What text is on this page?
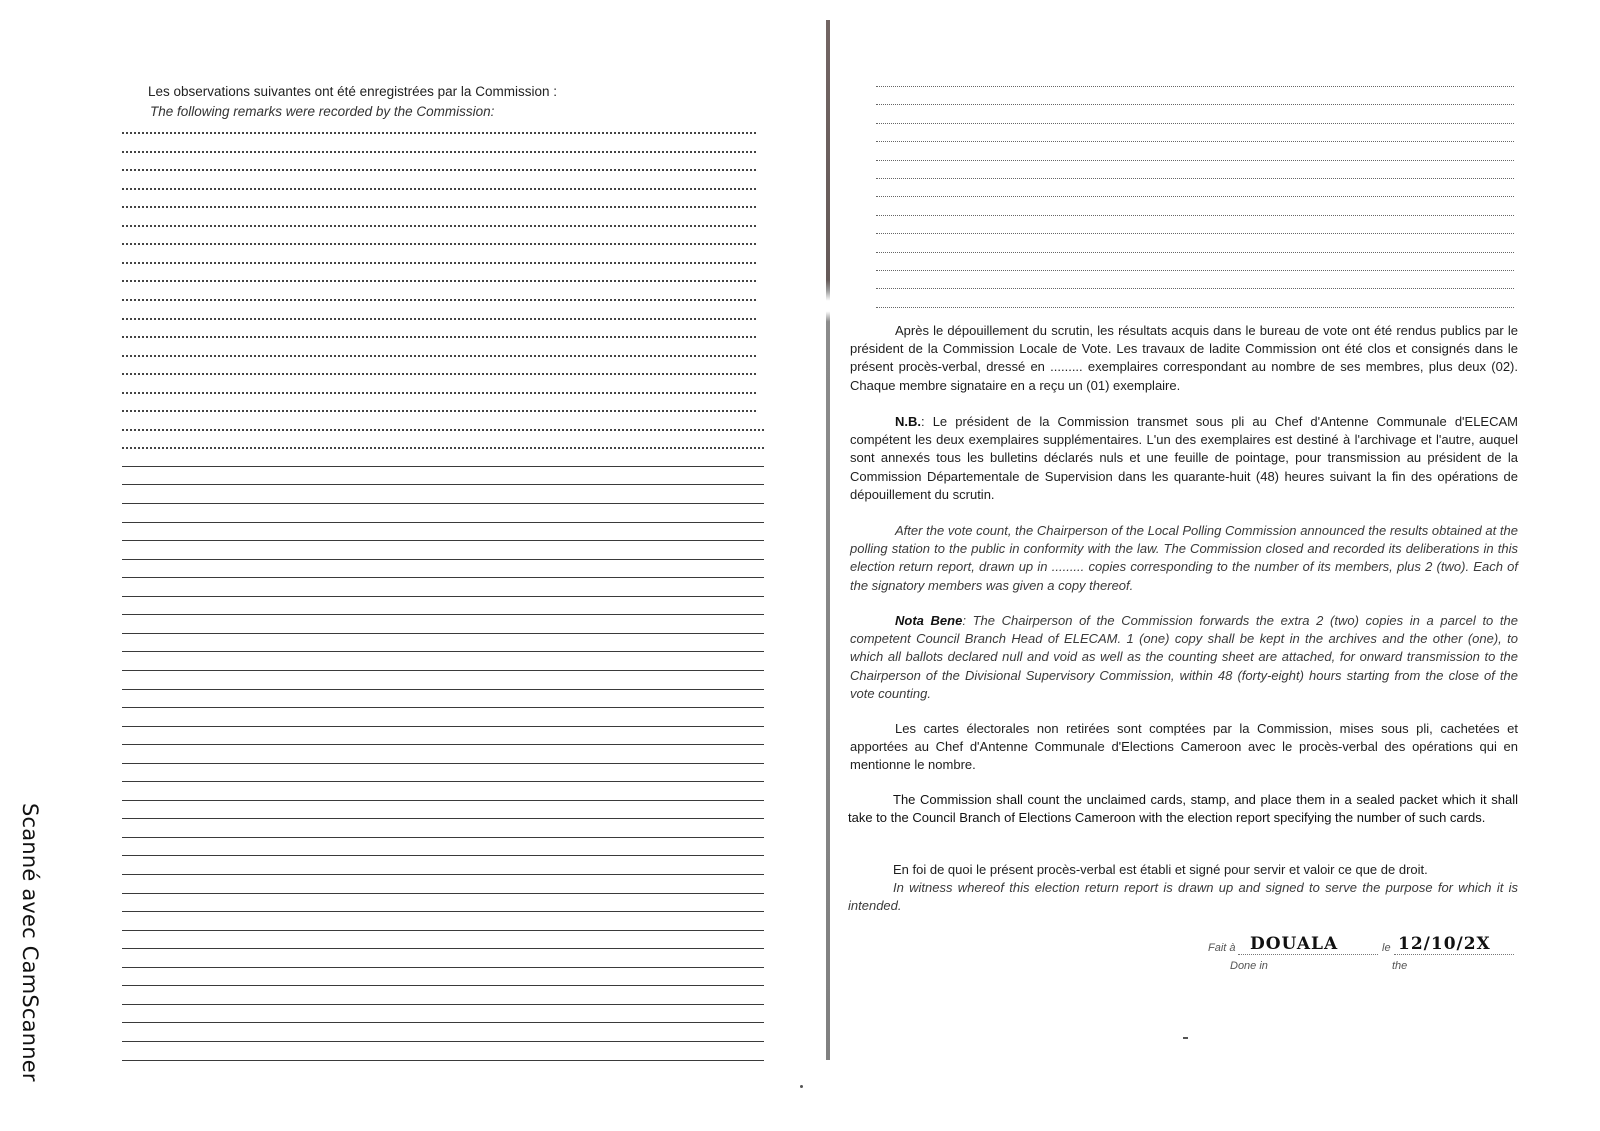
Scanné avec CamScanner
Les observations suivantes ont été enregistrées par la Commission :
The following remarks were recorded by the Commission:
Après le dépouillement du scrutin, les résultats acquis dans le bureau de vote ont été rendus publics par le président de la Commission Locale de Vote. Les travaux de ladite Commission ont été clos et consignés dans le présent procès-verbal, dressé en ......... exemplaires correspondant au nombre de ses membres, plus deux (02). Chaque membre signataire en a reçu un (01) exemplaire.
N.B.: Le président de la Commission transmet sous pli au Chef d'Antenne Communale d'ELECAM compétent les deux exemplaires supplémentaires. L'un des exemplaires est destiné à l'archivage et l'autre, auquel sont annexés tous les bulletins déclarés nuls et une feuille de pointage, pour transmission au président de la Commission Départementale de Supervision dans les quarante-huit (48) heures suivant la fin des opérations de dépouillement du scrutin.
After the vote count, the Chairperson of the Local Polling Commission announced the results obtained at the polling station to the public in conformity with the law. The Commission closed and recorded its deliberations in this election return report, drawn up in ......... copies corresponding to the number of its members, plus 2 (two). Each of the signatory members was given a copy thereof.
Nota Bene: The Chairperson of the Commission forwards the extra 2 (two) copies in a parcel to the competent Council Branch Head of ELECAM. 1 (one) copy shall be kept in the archives and the other (one), to which all ballots declared null and void as well as the counting sheet are attached, for onward transmission to the Chairperson of the Divisional Supervisory Commission, within 48 (forty-eight) hours starting from the close of the vote counting.
Les cartes électorales non retirées sont comptées par la Commission, mises sous pli, cachetées et apportées au Chef d'Antenne Communale d'Elections Cameroon avec le procès-verbal des opérations qui en mentionne le nombre.
The Commission shall count the unclaimed cards, stamp, and place them in a sealed packet which it shall take to the Council Branch of Elections Cameroon with the election report specifying the number of such cards.
En foi de quoi le présent procès-verbal est établi et signé pour servir et valoir ce que de droit.
In witness whereof this election return report is drawn up and signed to serve the purpose for which it is intended.
Fait à
Done in
DOUALA	le
the
12/10/2X
